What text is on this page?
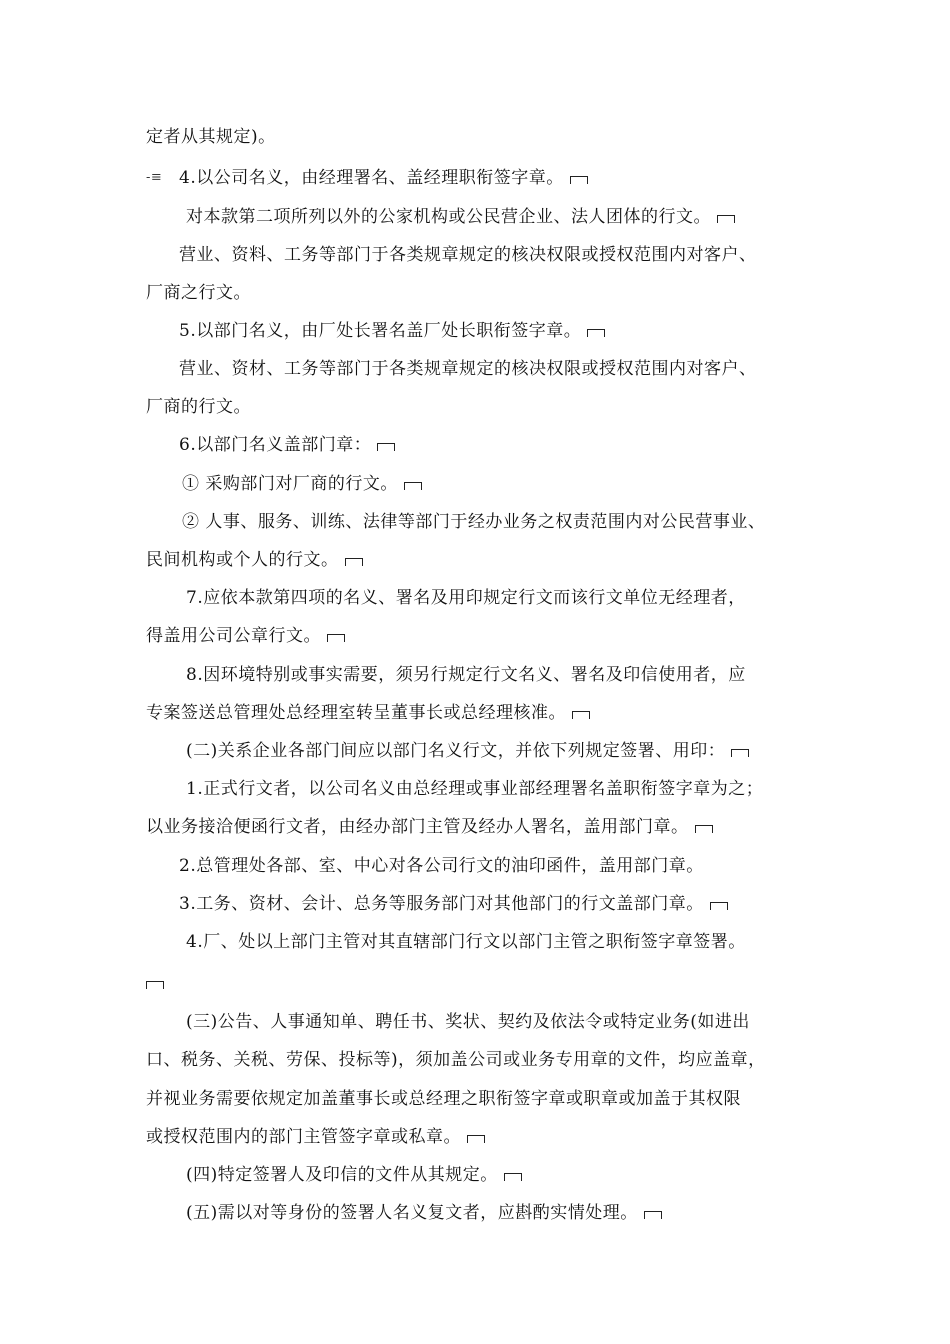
-≡
定者从其规定)。
4.以公司名义，由经理署名、盖经理职衔签字章。
对本款第二项所列以外的公家机构或公民营企业、法人团体的行文。
营业、资料、工务等部门于各类规章规定的核决权限或授权范围内对客户、
厂商之行文。
5.以部门名义，由厂处长署名盖厂处长职衔签字章。
营业、资材、工务等部门于各类规章规定的核决权限或授权范围内对客户、
厂商的行文。
6.以部门名义盖部门章：
① 采购部门对厂商的行文。
② 人事、服务、训练、法律等部门于经办业务之权责范围内对公民营事业、
民间机构或个人的行文。
7.应依本款第四项的名义、署名及用印规定行文而该行文单位无经理者，
得盖用公司公章行文。
8.因环境特别或事实需要，须另行规定行文名义、署名及印信使用者，应
专案签送总管理处总经理室转呈董事长或总经理核准。
(二)关系企业各部门间应以部门名义行文，并依下列规定签署、用印：
1.正式行文者，以公司名义由总经理或事业部经理署名盖职衔签字章为之；
以业务接洽便函行文者，由经办部门主管及经办人署名，盖用部门章。
2.总管理处各部、室、中心对各公司行文的油印函件，盖用部门章。
3.工务、资材、会计、总务等服务部门对其他部门的行文盖部门章。
4.厂、处以上部门主管对其直辖部门行文以部门主管之职衔签字章签署。
(三)公告、人事通知单、聘任书、奖状、契约及依法令或特定业务(如进出
口、税务、关税、劳保、投标等)，须加盖公司或业务专用章的文件，均应盖章，
并视业务需要依规定加盖董事长或总经理之职衔签字章或职章或加盖于其权限
或授权范围内的部门主管签字章或私章。
(四)特定签署人及印信的文件从其规定。
(五)需以对等身份的签署人名义复文者，应斟酌实情处理。
